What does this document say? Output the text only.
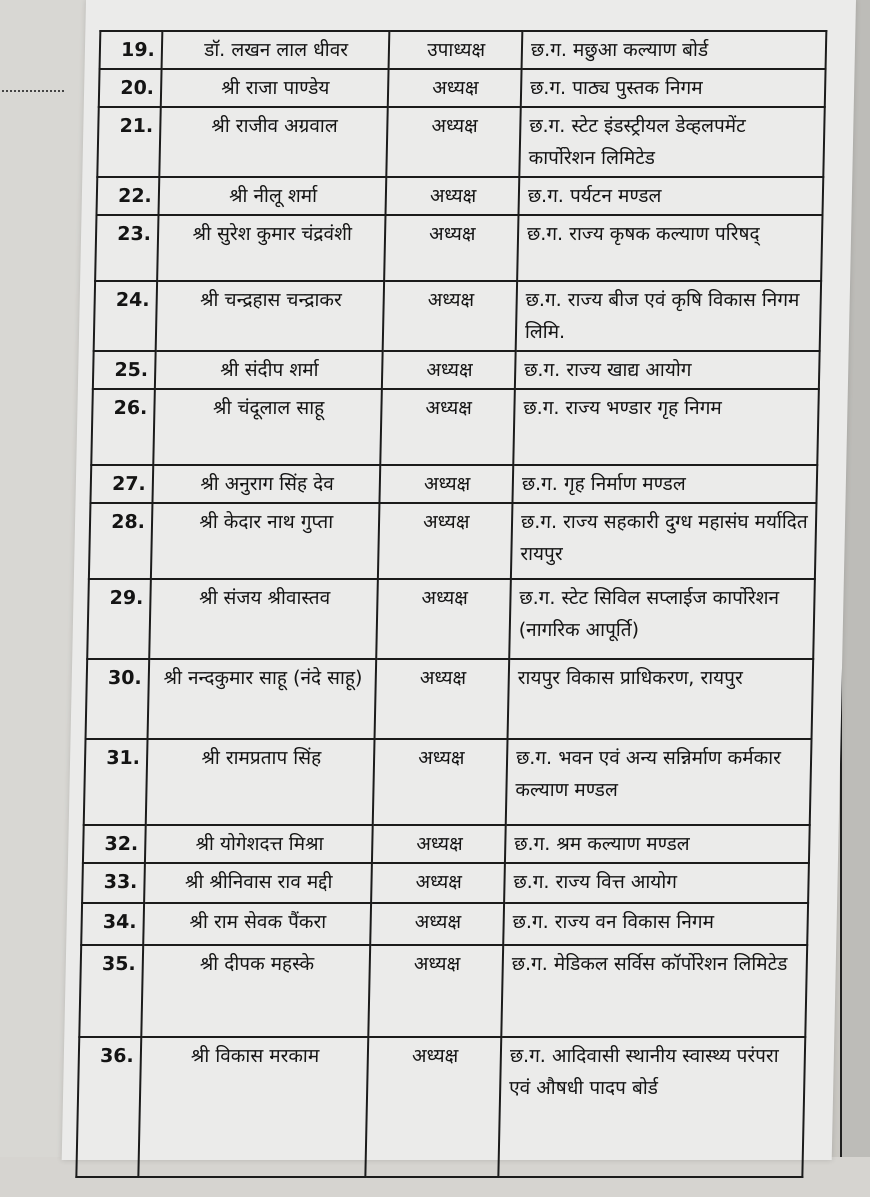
19.	डॉ. लखन लाल धीवर	उपाध्यक्ष	छ.ग. मछुआ कल्याण बोर्ड
20.	श्री राजा पाण्डेय	अध्यक्ष	छ.ग. पाठ्य पुस्तक निगम
21.	श्री राजीव अग्रवाल	अध्यक्ष	छ.ग. स्टेट इंडस्ट्रीयल डेव्हलपमेंट कार्पोरेशन लिमिटेड
22.	श्री नीलू शर्मा	अध्यक्ष	छ.ग. पर्यटन मण्डल
23.	श्री सुरेश कुमार चंद्रवंशी	अध्यक्ष	छ.ग. राज्य कृषक कल्याण परिषद्
24.	श्री चन्द्रहास चन्द्राकर	अध्यक्ष	छ.ग. राज्य बीज एवं कृषि विकास निगम लिमि.
25.	श्री संदीप शर्मा	अध्यक्ष	छ.ग. राज्य खाद्य आयोग
26.	श्री चंदूलाल साहू	अध्यक्ष	छ.ग. राज्य भण्डार गृह निगम
27.	श्री अनुराग सिंह देव	अध्यक्ष	छ.ग. गृह निर्माण मण्डल
28.	श्री केदार नाथ गुप्ता	अध्यक्ष	छ.ग. राज्य सहकारी दुग्ध महासंघ मर्यादित रायपुर
29.	श्री संजय श्रीवास्तव	अध्यक्ष	छ.ग. स्टेट सिविल सप्लाईज कार्पोरेशन (नागरिक आपूर्ति)
30.	श्री नन्दकुमार साहू (नंदे साहू)	अध्यक्ष	रायपुर विकास प्राधिकरण, रायपुर
31.	श्री रामप्रताप सिंह	अध्यक्ष	छ.ग. भवन एवं अन्य सन्निर्माण कर्मकार कल्याण मण्डल
32.	श्री योगेशदत्त मिश्रा	अध्यक्ष	छ.ग. श्रम कल्याण मण्डल
33.	श्री श्रीनिवास राव मद्दी	अध्यक्ष	छ.ग. राज्य वित्त आयोग
34.	श्री राम सेवक पैंकरा	अध्यक्ष	छ.ग. राज्य वन विकास निगम
35.	श्री दीपक महस्के	अध्यक्ष	छ.ग. मेडिकल सर्विस कॉर्पोरेशन लिमिटेड
36.	श्री विकास मरकाम	अध्यक्ष	छ.ग. आदिवासी स्थानीय स्वास्थ्य परंपरा एवं औषधी पादप बोर्ड
